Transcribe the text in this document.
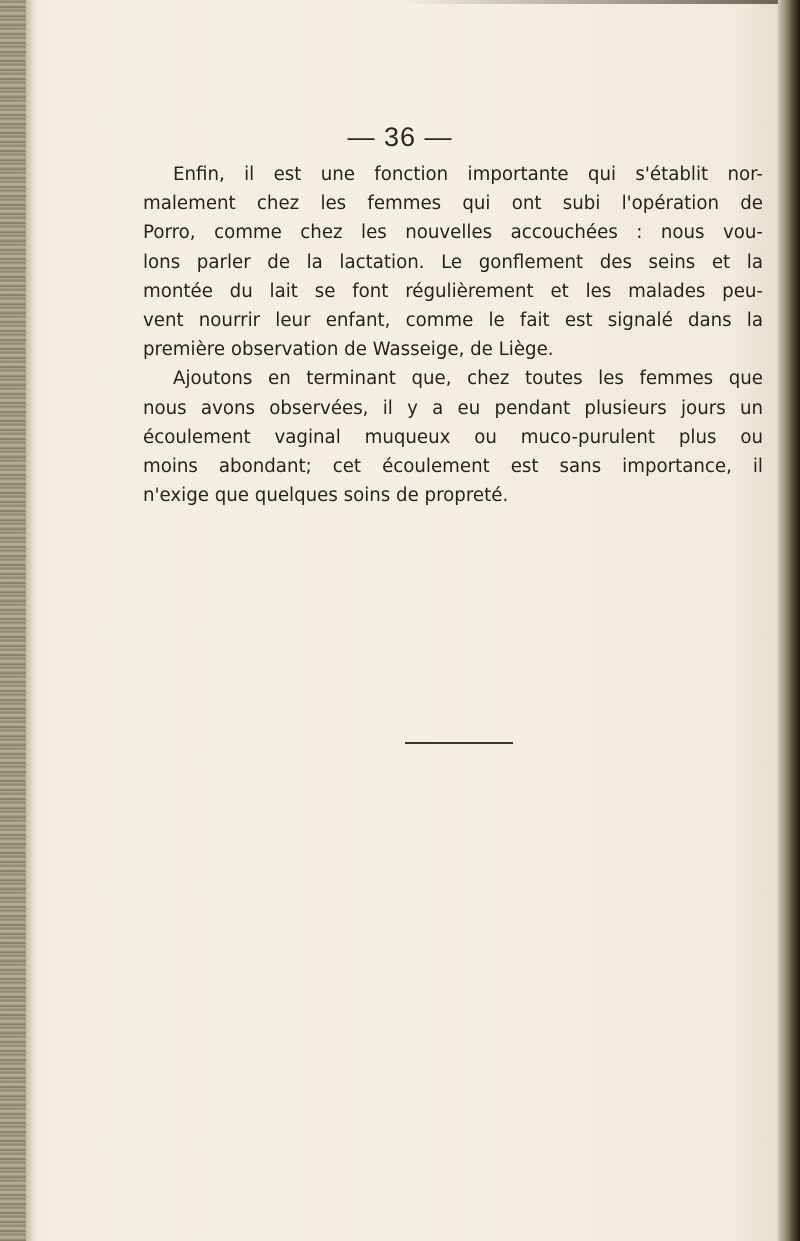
— 36 —
Enfin, il est une fonction importante qui s'établit nor-
malement chez les femmes qui ont subi l'opération de
Porro, comme chez les nouvelles accouchées : nous vou-
lons parler de la lactation. Le gonflement des seins et la
montée du lait se font régulièrement et les malades peu-
vent nourrir leur enfant, comme le fait est signalé dans la
première observation de Wasseige, de Liège.
Ajoutons en terminant que, chez toutes les femmes que
nous avons observées, il y a eu pendant plusieurs jours un
écoulement vaginal muqueux ou muco-purulent plus ou
moins abondant; cet écoulement est sans importance, il
n'exige que quelques soins de propreté.
